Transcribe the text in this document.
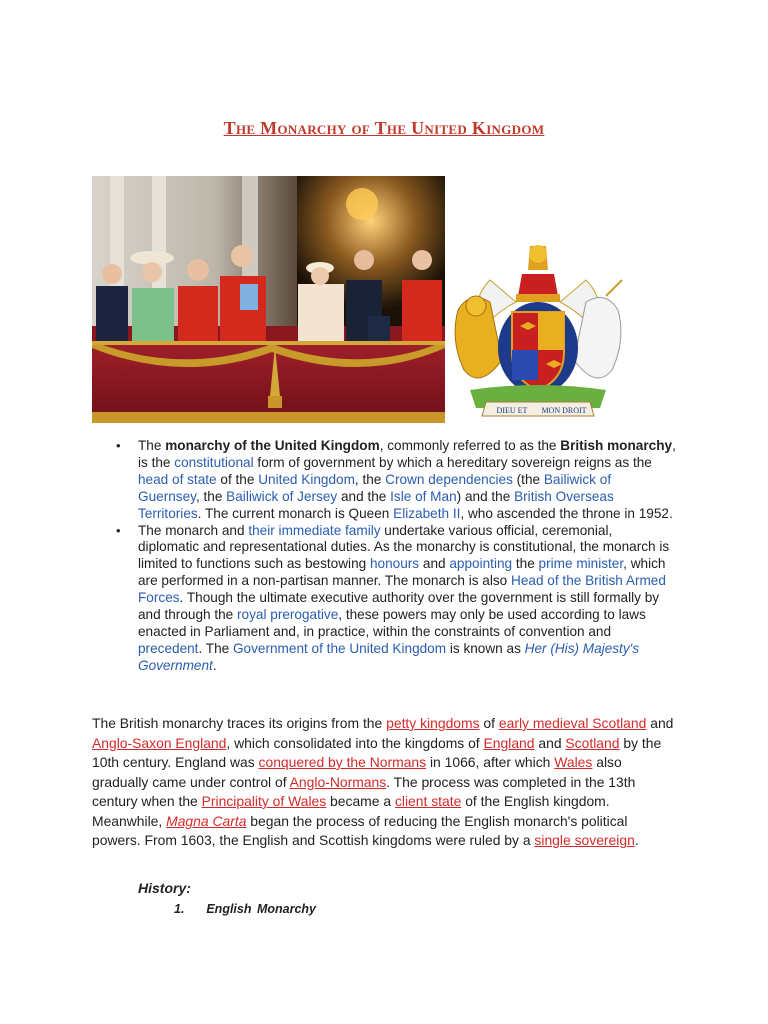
The Monarchy of The United Kingdom
DIEU ET MON DROIT
• The monarchy of the United Kingdom, commonly referred to as the British monarchy, is the constitutional form of government by which a hereditary sovereign reigns as the head of state of the United Kingdom, the Crown dependencies (the Bailiwick of Guernsey, the Bailiwick of Jersey and the Isle of Man) and the British Overseas Territories. The current monarch is Queen Elizabeth II, who ascended the throne in 1952.
• The monarch and their immediate family undertake various official, ceremonial, diplomatic and representational duties. As the monarchy is constitutional, the monarch is limited to functions such as bestowing honours and appointing the prime minister, which are performed in a non-partisan manner. The monarch is also Head of the British Armed Forces. Though the ultimate executive authority over the government is still formally by and through the royal prerogative, these powers may only be used according to laws enacted in Parliament and, in practice, within the constraints of convention and precedent. The Government of the United Kingdom is known as Her (His) Majesty's Government.
The British monarchy traces its origins from the petty kingdoms of early medieval Scotland and Anglo-Saxon England, which consolidated into the kingdoms of England and Scotland by the 10th century. England was conquered by the Normans in 1066, after which Wales also gradually came under control of Anglo-Normans. The process was completed in the 13th century when the Principality of Wales became a client state of the English kingdom. Meanwhile, Magna Carta began the process of reducing the English monarch's political powers. From 1603, the English and Scottish kingdoms were ruled by a single sovereign.
History:
1. English Monarchy
